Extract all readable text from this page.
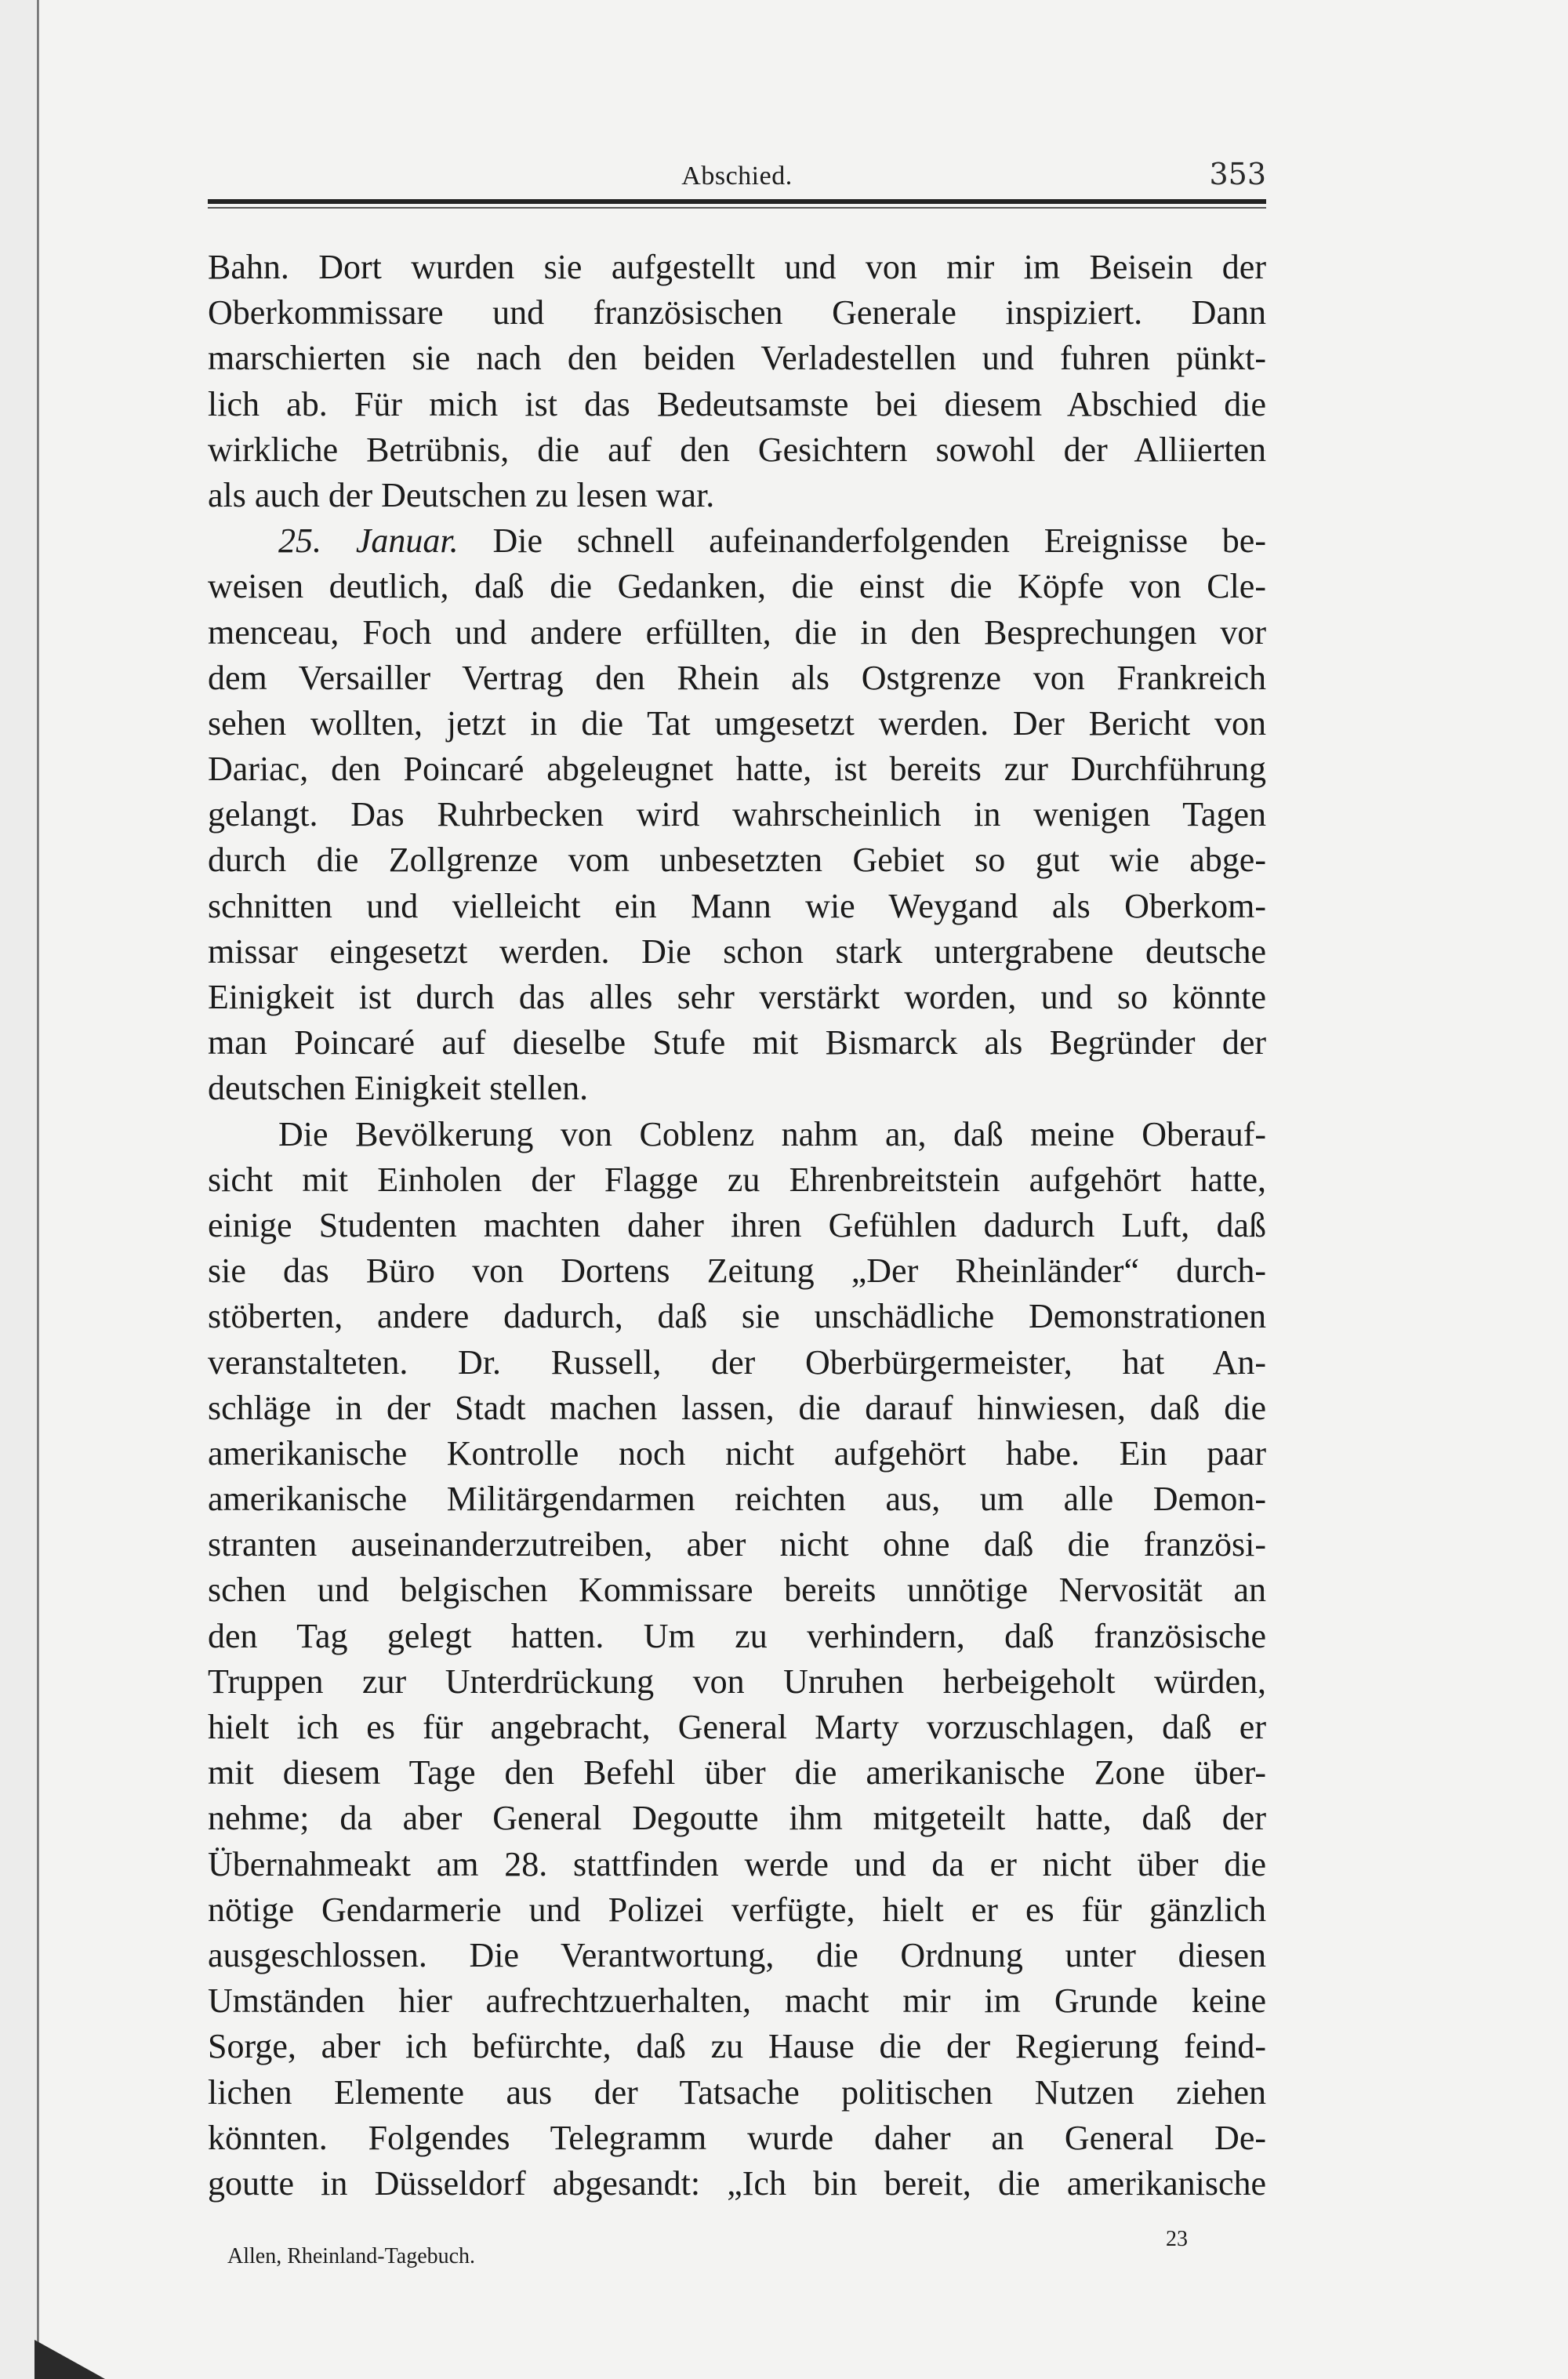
Abschied.	353
Bahn. Dort wurden sie aufgestellt und von mir im Beisein der
Oberkommissare und französischen Generale inspiziert. Dann
marschierten sie nach den beiden Verladestellen und fuhren pünkt-
lich ab. Für mich ist das Bedeutsamste bei diesem Abschied die
wirkliche Betrübnis, die auf den Gesichtern sowohl der Alliierten
als auch der Deutschen zu lesen war.
25. Januar. Die schnell aufeinanderfolgenden Ereignisse be-
weisen deutlich, daß die Gedanken, die einst die Köpfe von Cle-
menceau, Foch und andere erfüllten, die in den Besprechungen vor
dem Versailler Vertrag den Rhein als Ostgrenze von Frankreich
sehen wollten, jetzt in die Tat umgesetzt werden. Der Bericht von
Dariac, den Poincaré abgeleugnet hatte, ist bereits zur Durchführung
gelangt. Das Ruhrbecken wird wahrscheinlich in wenigen Tagen
durch die Zollgrenze vom unbesetzten Gebiet so gut wie abge-
schnitten und vielleicht ein Mann wie Weygand als Oberkom-
missar eingesetzt werden. Die schon stark untergrabene deutsche
Einigkeit ist durch das alles sehr verstärkt worden, und so könnte
man Poincaré auf dieselbe Stufe mit Bismarck als Begründer der
deutschen Einigkeit stellen.
Die Bevölkerung von Coblenz nahm an, daß meine Oberauf-
sicht mit Einholen der Flagge zu Ehrenbreitstein aufgehört hatte,
einige Studenten machten daher ihren Gefühlen dadurch Luft, daß
sie das Büro von Dortens Zeitung „Der Rheinländer“ durch-
stöberten, andere dadurch, daß sie unschädliche Demonstrationen
veranstalteten. Dr. Russell, der Oberbürgermeister, hat An-
schläge in der Stadt machen lassen, die darauf hinwiesen, daß die
amerikanische Kontrolle noch nicht aufgehört habe. Ein paar
amerikanische Militärgendarmen reichten aus, um alle Demon-
stranten auseinanderzutreiben, aber nicht ohne daß die französi-
schen und belgischen Kommissare bereits unnötige Nervosität an
den Tag gelegt hatten. Um zu verhindern, daß französische
Truppen zur Unterdrückung von Unruhen herbeigeholt würden,
hielt ich es für angebracht, General Marty vorzuschlagen, daß er
mit diesem Tage den Befehl über die amerikanische Zone über-
nehme; da aber General Degoutte ihm mitgeteilt hatte, daß der
Übernahmeakt am 28. stattfinden werde und da er nicht über die
nötige Gendarmerie und Polizei verfügte, hielt er es für gänzlich
ausgeschlossen. Die Verantwortung, die Ordnung unter diesen
Umständen hier aufrechtzuerhalten, macht mir im Grunde keine
Sorge, aber ich befürchte, daß zu Hause die der Regierung feind-
lichen Elemente aus der Tatsache politischen Nutzen ziehen
könnten. Folgendes Telegramm wurde daher an General De-
goutte in Düsseldorf abgesandt: „Ich bin bereit, die amerikanische
Allen, Rheinland-Tagebuch.
23
